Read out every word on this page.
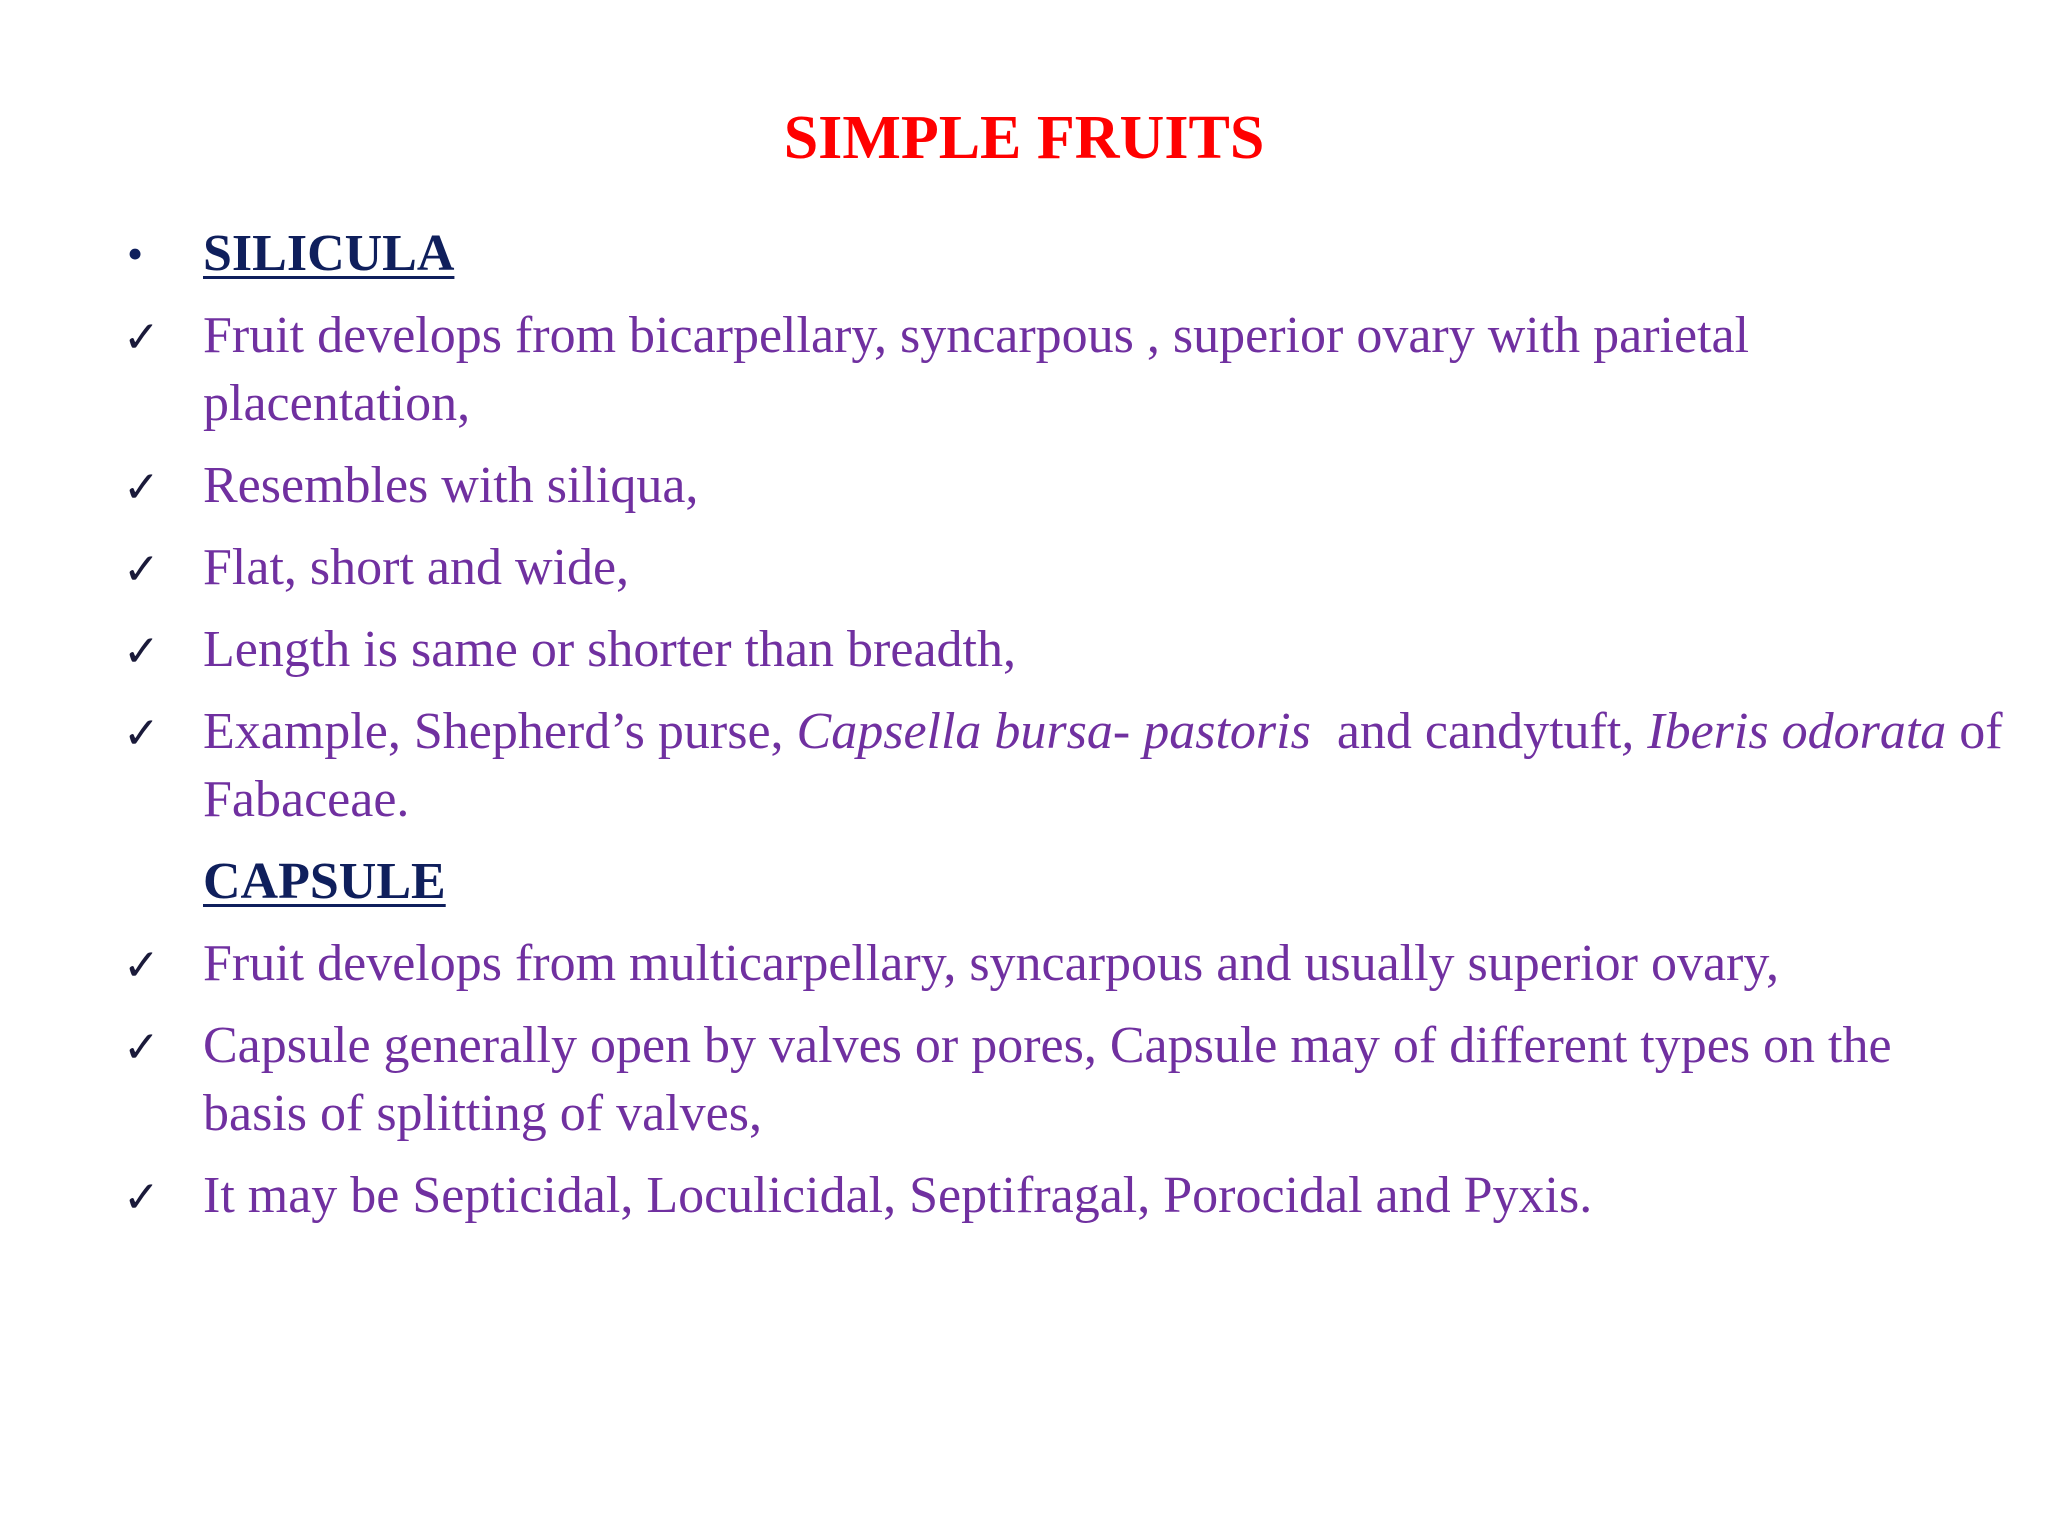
SIMPLE FRUITS
•	SILICULA
✓ Fruit develops from bicarpellary, syncarpous , superior ovary with parietal placentation,
✓ Resembles with siliqua,
✓ Flat, short and wide,
✓ Length is same or shorter than breadth,
✓ Example, Shepherd’s purse, Capsella bursa- pastoris  and candytuft, Iberis odorata of Fabaceae.
CAPSULE
✓ Fruit develops from multicarpellary, syncarpous and usually superior ovary,
✓ Capsule generally open by valves or pores, Capsule may of different types on the basis of splitting of valves,
✓ It may be Septicidal, Loculicidal, Septifragal, Porocidal and Pyxis.
